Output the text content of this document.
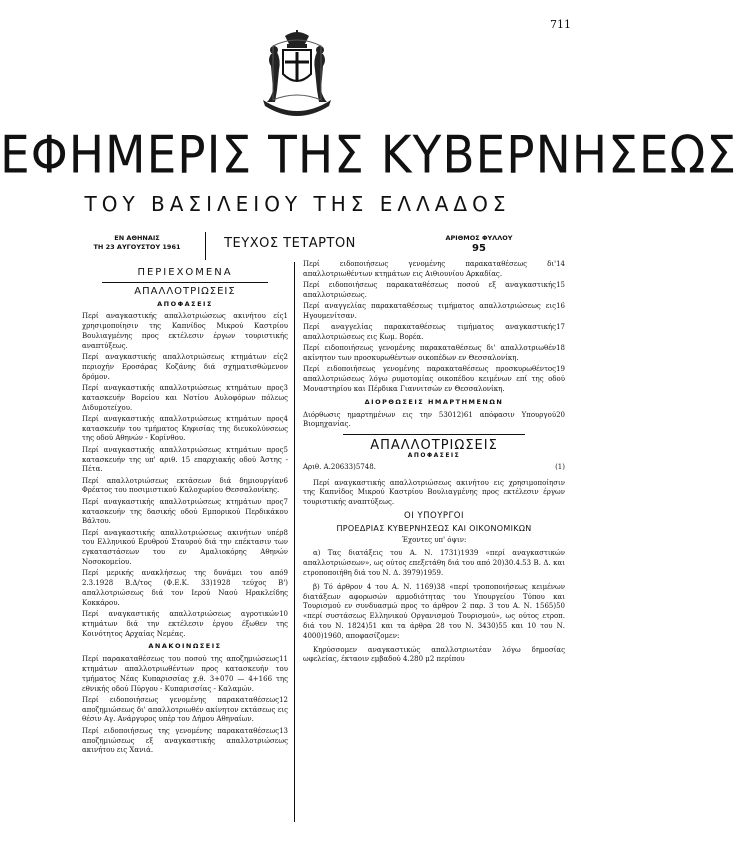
711
ΕΦΗΜΕΡΙΣ ΤΗΣ ΚΥΒΕΡΝΗΣΕΩΣ
ΤΟΥ ΒΑΣΙΛΕΙΟΥ ΤΗΣ ΕΛΛΑΔΟΣ
ΕΝ ΑΘΗΝΑΙΣ
ΤΗ 23 ΑΥΓΟΥΣΤΟΥ 1961	ΤΕΥΧΟΣ ΤΕΤΑΡΤΟΝ	ΑΡΙΘΜΟΣ ΦΥΛΛΟΥ
95
ΠΕΡΙΕΧΟΜΕΝΑ
ΑΠΑΛΛΟΤΡΙΩΣΕΙΣ
ΑΠΟΦΑΣΕΙΣ
1
Περί αναγκαστικής απαλλοτριώσεως ακινήτου είς χρησιμοποίησιν της Καπνίδος Μικρού Καστρίου Βουλιαγμένης προς εκτέλεσιν έργων τουριστικής αναπτύξεως.
2
Περί αναγκαστικής απαλλοτριώσεως κτημάτων είς περιοχήν Εροσάρας Κοζάνης διά σχηματισθώμενον δρόμον.
3
Περί αναγκαστικής απαλλοτριώσεως κτημάτων προς κατασκευήν Βορείου και Νοτίου Αυλοφόρων πόλεως Διδυμοτείχου.
4
Περί αναγκαστικής απαλλοτριώσεως κτημάτων προς κατασκευήν του τμήματος Κηφισίας της διευκολύνσεως της οδού Αθηνών - Κορίνθου.
5
Περί αναγκαστικής απαλλοτριώσεως κτημάτων προς κατασκευήν της υπ' αριθ. 15 επαρχιακής οδού Άστης - Πέτα.
6
Περί απαλλοτριώσεως εκτάσεων διά δημιουργίαν Φρέατος του ποσιμιστικού Καλοχωρίου Θεσσαλονίκης.
7
Περί αναγκαστικής απαλλοτριώσεως κτημάτων προς κατασκευήν της δασικής οδού Εμπορικού Περδικάκου Βάλτου.
8
Περί αναγκαστικής απαλλοτριώσεως ακινήτων υπέρ του Ελληνικού Ερυθρού Σταυρού διά την επέκτασιν των εγκαταστάσεων του εν Αμαλιοκόρης Αθηνών Νοσοκομείου.
9
Περί μερικής ανακλήσεως της δυνάμει του από 2.3.1928 Β.Δ/τος (Φ.Ε.Κ. 33)1928 τεύχος Β') απαλλοτριώσεως διά τον Ιερού Ναού Ηρακλείδης Κοκκάρου.
10
Περί αναγκαστικής απαλλοτριώσεως αγροτικών κτημάτων διά την εκτέλεσιν έργου έξωθεν της Κοινότητος Αρχαίας Νεμέας.
ΑΝΑΚΟΙΝΩΣΕΙΣ
11
Περί παρακαταθέσεως του ποσού της αποζημιώσεως κτημάτων απαλλοτριωθέντων προς κατασκευήν του τμήματος Νέας Κυπαρισσίας χ.θ. 3+070 — 4+166 της εθνικής οδού Πύργου - Κυπαρισσίας - Καλαμών.
12
Περί ειδοποιήσεως γενομένης παρακαταθέσεως αποζημιώσεως δι' απαλλοτριωθέν ακίνητον εκτάσεως εις θέσιν Αγ. Ανάργυρος υπέρ του Δήμου Αθηναίων.
13
Περί ειδοποιήσεως της γενομένης παρακαταθέσεως αποζημιώσεως εξ αναγκαστικής απαλλοτριώσεως ακινήτου εις Χανιά.
14
Περί ειδοποιήσεως γενομένης παρακαταθέσεως δι' απαλλοτριωθέντων κτημάτων εις Αιθιουνίου Αρκαδίας.
15
Περί ειδοποιήσεως παρακαταθέσεως ποσού εξ αναγκαστικής απαλλοτριώσεως.
16
Περί αναγγελίας παρακαταθέσεως τιμήματος απαλλοτριώσεως εις Ηγουμενίτσαν.
17
Περί αναγγελίας παρακαταθέσεως τιμήματος αναγκαστικής απαλλοτριώσεως εις Κωμ. Βορέα.
18
Περί ειδοποιήσεως γενομένης παρακαταθέσεως δι' απαλλοτριωθέν ακίνητον των προσκυρωθέντων οικοπέδων εν Θεσσαλονίκη.
19
Περί ειδοποιήσεως γενομένης παρακαταθέσεως προσκυρωθέντος απαλλοτριώσεως λόγω ρυμοτομίας οικοπέδου κειμένων επί της οδού Μοναστηρίου και Πέρδικα Γιαννιτσών εν Θεσσαλονίκη.
ΔΙΟΡΘΩΣΕΙΣ ΗΜΑΡΤΗΜΕΝΩΝ
20
Διόρθωσις ημαρτημένων εις την 53012)61 απόφασιν Υπουργού Βιομηχανίας.
ΑΠΑΛΛΟΤΡΙΩΣΕΙΣ
ΑΠΟΦΑΣΕΙΣ
Αριθ. Α.20633)5748.	(1)

Περί αναγκαστικής απαλλοτριώσεως ακινήτου εις χρησιμοποίησιν της Καπνίδος Μικρού Καστρίου Βουλιαγμένης προς εκτέλεσιν έργων τουριστικής αναπτύξεως.

ΟΙ ΥΠΟΥΡΓΟΙ
ΠΡΟΕΔΡΙΑΣ ΚΥΒΕΡΝΗΣΕΩΣ ΚΑΙ ΟΙΚΟΝΟΜΙΚΩΝ
Έχοντες υπ' όψιν:

α) Τας διατάξεις του Α. Ν. 1731)1939 «περί αναγκαστικών απαλλοτριώσεων», ως ούτος επεξετάθη διά του από 20)30.4.53 Β. Δ. και ετροποποιήθη διά του Ν. Δ. 3979)1959.

β) Τό άρθρον 4 του Α. Ν. 1169)38 «περί τροποποιήσεως κειμένων διατάξεων αφορωσών αρμοδιότητας του Υπουργείου Τύπου και Τουρισμού εν συνδυασμώ προς το άρθρον 2 παρ. 3 του Α. Ν. 1565)50 «περί συστάσεως Ελληνικού Οργανισμού Τουρισμού», ως ούτος ετροπ. διά του Ν. 1824)51 και τα άρθρα 28 του Ν. 3430)55 και 10 του Ν. 4000)1960, αποφασίζομεν:

Κηρύσσομεν αναγκαστικώς απαλλοτριωτέαν λόγω δημοσίας ωφελείας, έκταοιν εμβαδού 4.280 μ2 περίπου
